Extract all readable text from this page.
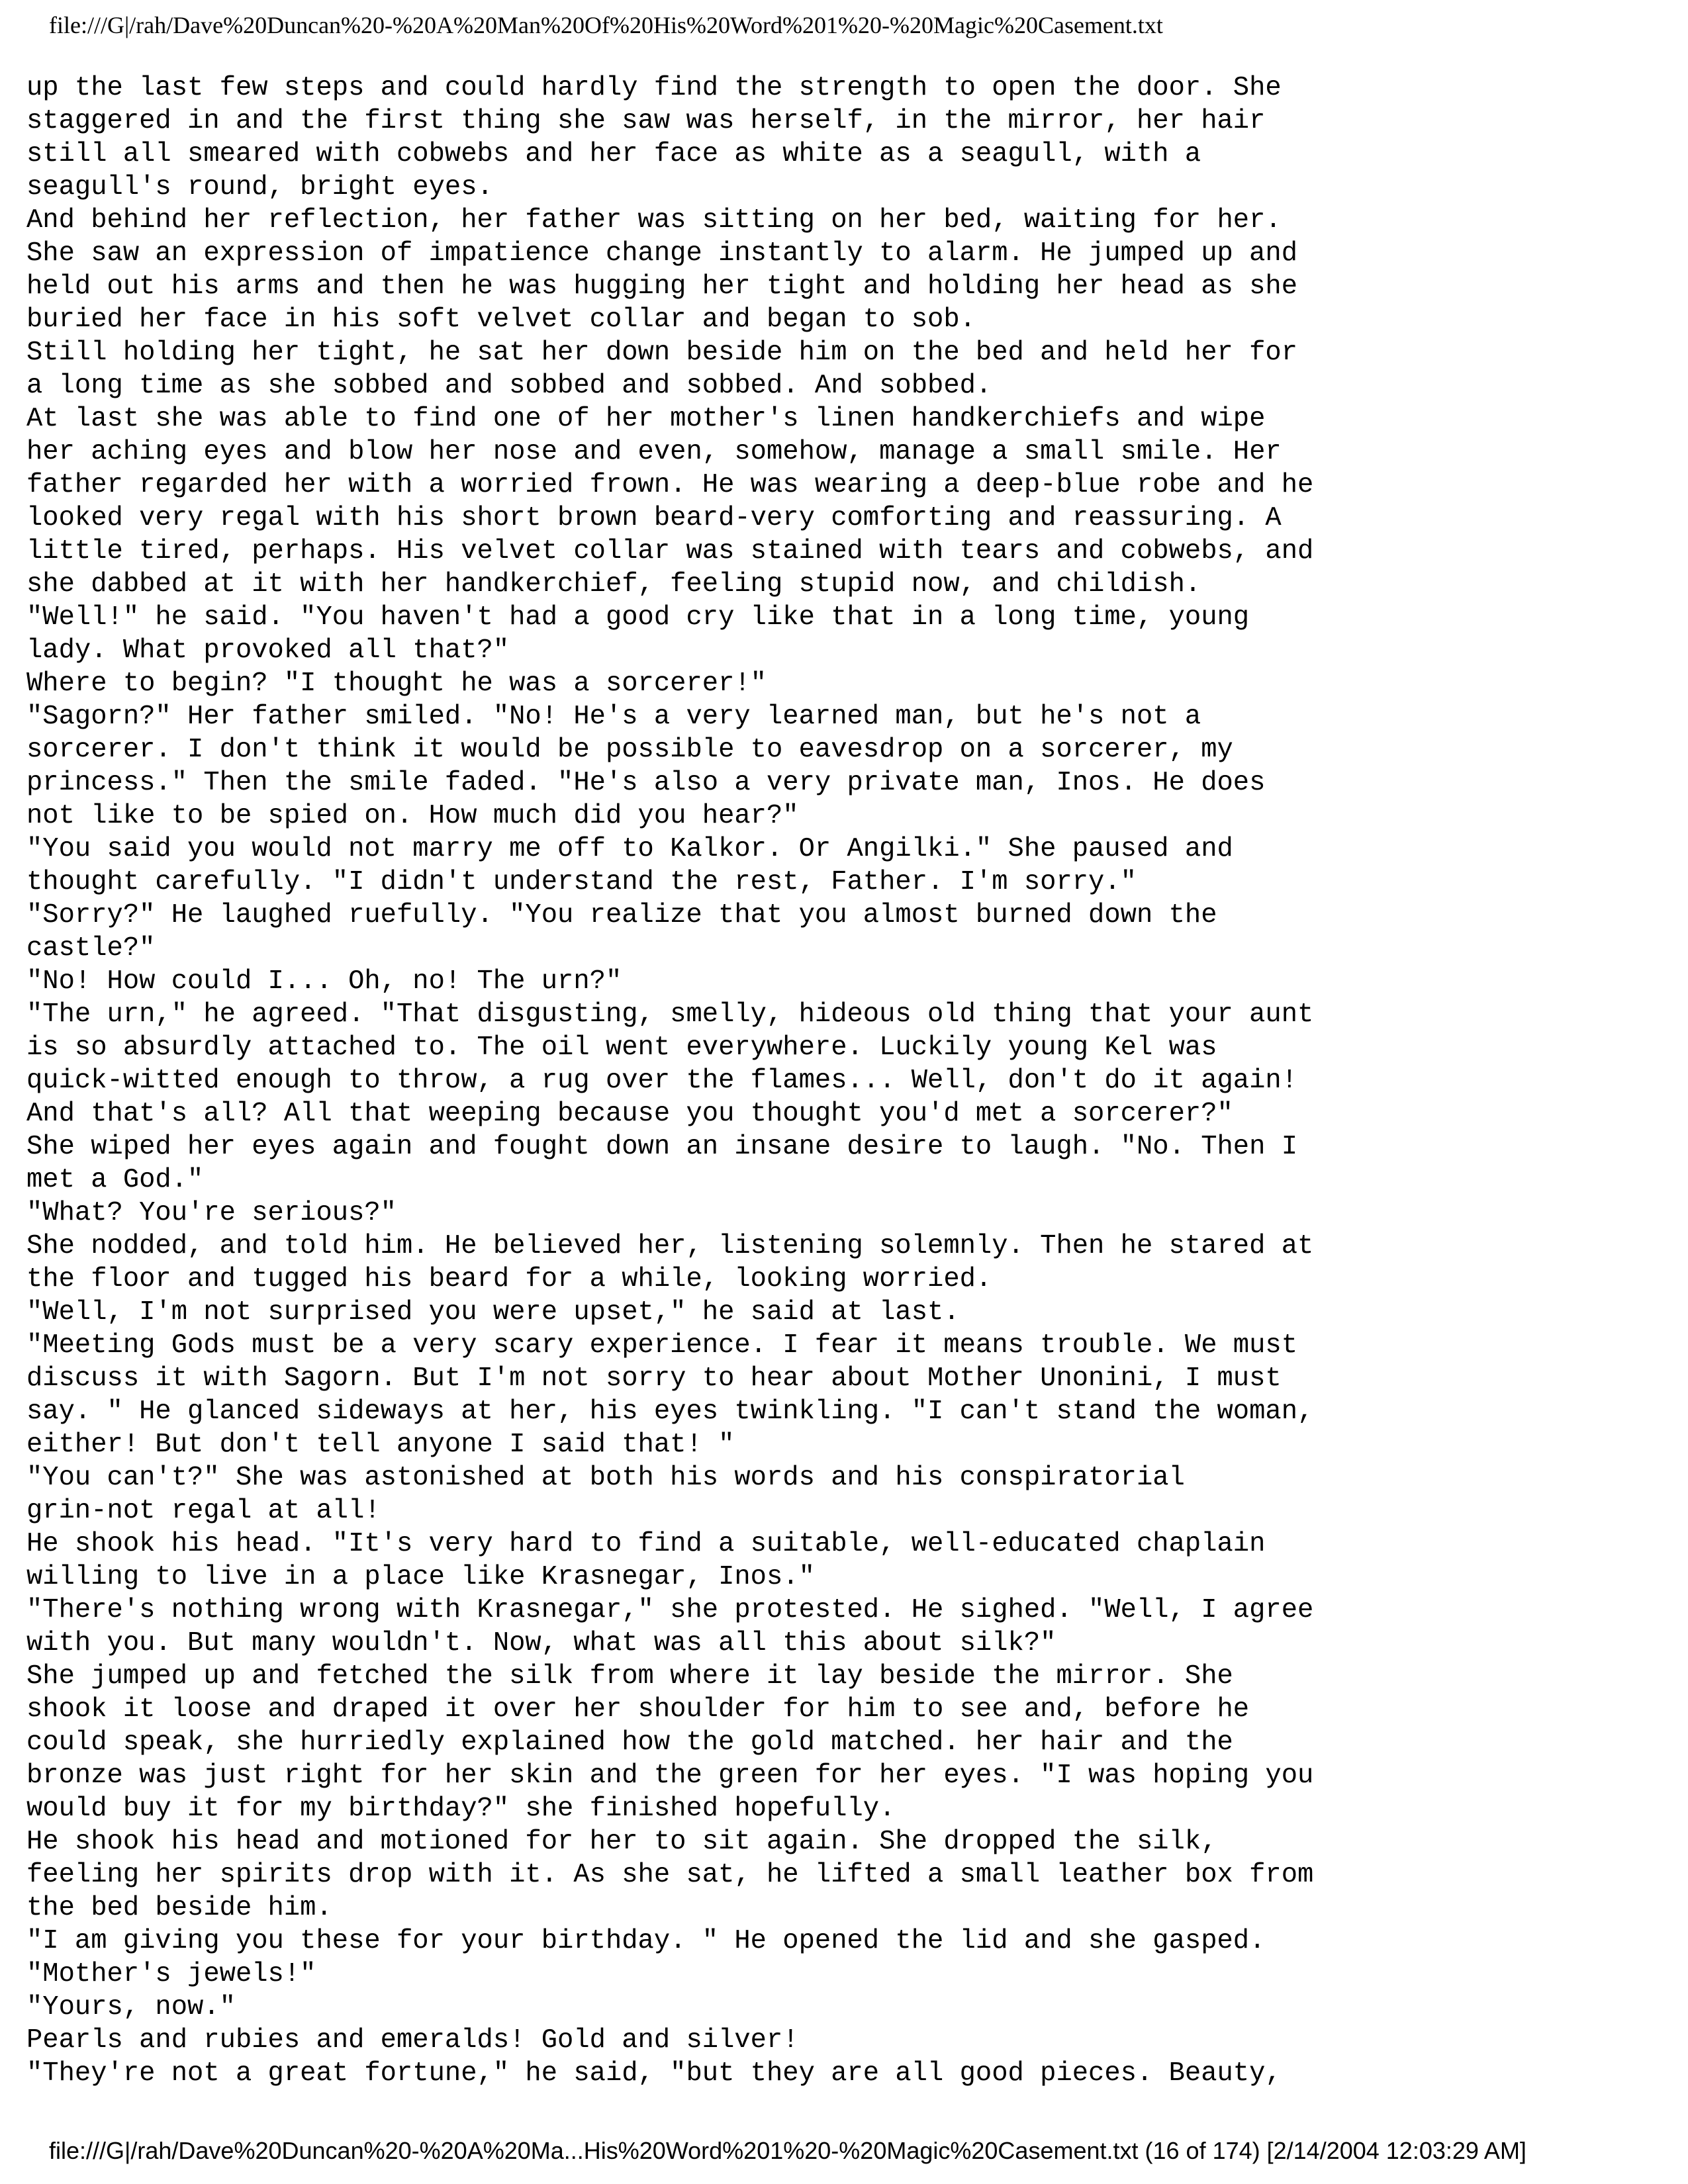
file:///G|/rah/Dave%20Duncan%20-%20A%20Man%20Of%20His%20Word%201%20-%20Magic%20Casement.txt
up the last few steps and could hardly find the strength to open the door. She
staggered in and the first thing she saw was herself, in the mirror, her hair
still all smeared with cobwebs and her face as white as a seagull, with a
seagull's round, bright eyes.
And behind her reflection, her father was sitting on her bed, waiting for her.
She saw an expression of impatience change instantly to alarm. He jumped up and
held out his arms and then he was hugging her tight and holding her head as she
buried her face in his soft velvet collar and began to sob.
Still holding her tight, he sat her down beside him on the bed and held her for
a long time as she sobbed and sobbed and sobbed. And sobbed.
At last she was able to find one of her mother's linen handkerchiefs and wipe
her aching eyes and blow her nose and even, somehow, manage a small smile. Her
father regarded her with a worried frown. He was wearing a deep-blue robe and he
looked very regal with his short brown beard-very comforting and reassuring. A
little tired, perhaps. His velvet collar was stained with tears and cobwebs, and
she dabbed at it with her handkerchief, feeling stupid now, and childish.
"Well!" he said. "You haven't had a good cry like that in a long time, young
lady. What provoked all that?"
Where to begin? "I thought he was a sorcerer!"
"Sagorn?" Her father smiled. "No! He's a very learned man, but he's not a
sorcerer. I don't think it would be possible to eavesdrop on a sorcerer, my
princess." Then the smile faded. "He's also a very private man, Inos. He does
not like to be spied on. How much did you hear?"
"You said you would not marry me off to Kalkor. Or Angilki." She paused and
thought carefully. "I didn't understand the rest, Father. I'm sorry."
"Sorry?" He laughed ruefully. "You realize that you almost burned down the
castle?"
"No! How could I... Oh, no! The urn?"
"The urn," he agreed. "That disgusting, smelly, hideous old thing that your aunt
is so absurdly attached to. The oil went everywhere. Luckily young Kel was
quick-witted enough to throw, a rug over the flames... Well, don't do it again!
And that's all? All that weeping because you thought you'd met a sorcerer?"
She wiped her eyes again and fought down an insane desire to laugh. "No. Then I
met a God."
"What? You're serious?"
She nodded, and told him. He believed her, listening solemnly. Then he stared at
the floor and tugged his beard for a while, looking worried.
"Well, I'm not surprised you were upset," he said at last.
"Meeting Gods must be a very scary experience. I fear it means trouble. We must
discuss it with Sagorn. But I'm not sorry to hear about Mother Unonini, I must
say. " He glanced sideways at her, his eyes twinkling. "I can't stand the woman,
either! But don't tell anyone I said that! "
"You can't?" She was astonished at both his words and his conspiratorial
grin-not regal at all!
He shook his head. "It's very hard to find a suitable, well-educated chaplain
willing to live in a place like Krasnegar, Inos."
"There's nothing wrong with Krasnegar," she protested. He sighed. "Well, I agree
with you. But many wouldn't. Now, what was all this about silk?"
She jumped up and fetched the silk from where it lay beside the mirror. She
shook it loose and draped it over her shoulder for him to see and, before he
could speak, she hurriedly explained how the gold matched. her hair and the
bronze was just right for her skin and the green for her eyes. "I was hoping you
would buy it for my birthday?" she finished hopefully.
He shook his head and motioned for her to sit again. She dropped the silk,
feeling her spirits drop with it. As she sat, he lifted a small leather box from
the bed beside him.
"I am giving you these for your birthday. " He opened the lid and she gasped.
"Mother's jewels!"
"Yours, now."
Pearls and rubies and emeralds! Gold and silver!
"They're not a great fortune," he said, "but they are all good pieces. Beauty,
file:///G|/rah/Dave%20Duncan%20-%20A%20Ma...His%20Word%201%20-%20Magic%20Casement.txt (16 of 174) [2/14/2004 12:03:29 AM]
